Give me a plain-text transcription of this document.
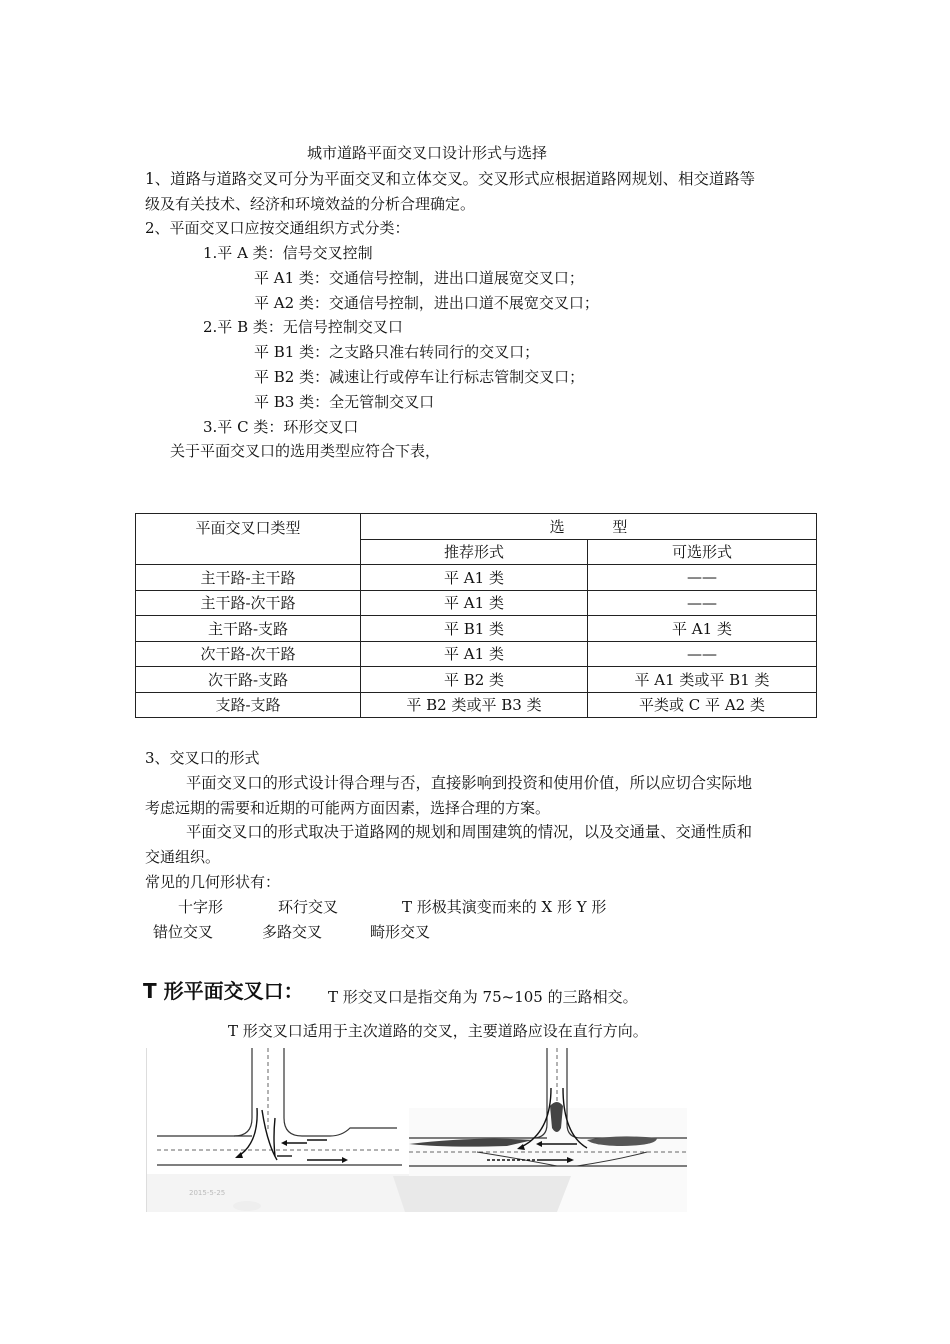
城市道路平面交叉口设计形式与选择
1、道路与道路交叉可分为平面交叉和立体交叉。交叉形式应根据道路网规划、相交道路等
级及有关技术、经济和环境效益的分析合理确定。
2、平面交叉口应按交通组织方式分类：
1.平 A 类：信号交叉控制
平 A1 类：交通信号控制，进出口道展宽交叉口；
平 A2 类：交通信号控制，进出口道不展宽交叉口；
2.平 B 类：无信号控制交叉口
平 B1 类：之支路只准右转同行的交叉口；
平 B2 类：减速让行或停车让行标志管制交叉口；
平 B3 类：全无管制交叉口
3.平 C 类：环形交叉口
关于平面交叉口的选用类型应符合下表，
平面交叉口类型	选          型	
	推荐形式	可选形式
主干路-主干路	平 A1 类	——
主干路-次干路	平 A1 类	——
主干路-支路	平 B1 类	平 A1 类
次干路-次干路	平 A1 类	——
次干路-支路	平 B2 类	平 A1 类或平 B1 类
支路-支路	平 B2 类或平 B3 类	平类或 C 平 A2 类
3、交叉口的形式
平面交叉口的形式设计得合理与否，直接影响到投资和使用价值，所以应切合实际地
考虑远期的需要和近期的可能两方面因素，选择合理的方案。
平面交叉口的形式取决于道路网的规划和周围建筑的情况，以及交通量、交通性质和
交通组织。
常见的几何形状有：
十字形	环行交叉	T 形极其演变而来的 X 形 Y 形
错位交叉	多路交叉	畸形交叉
T 形平面交叉口： T 形交叉口是指交角为 75~105 的三路相交。
T 形交叉口适用于主次道路的交叉，主要道路应设在直行方向。
2015-5-25
